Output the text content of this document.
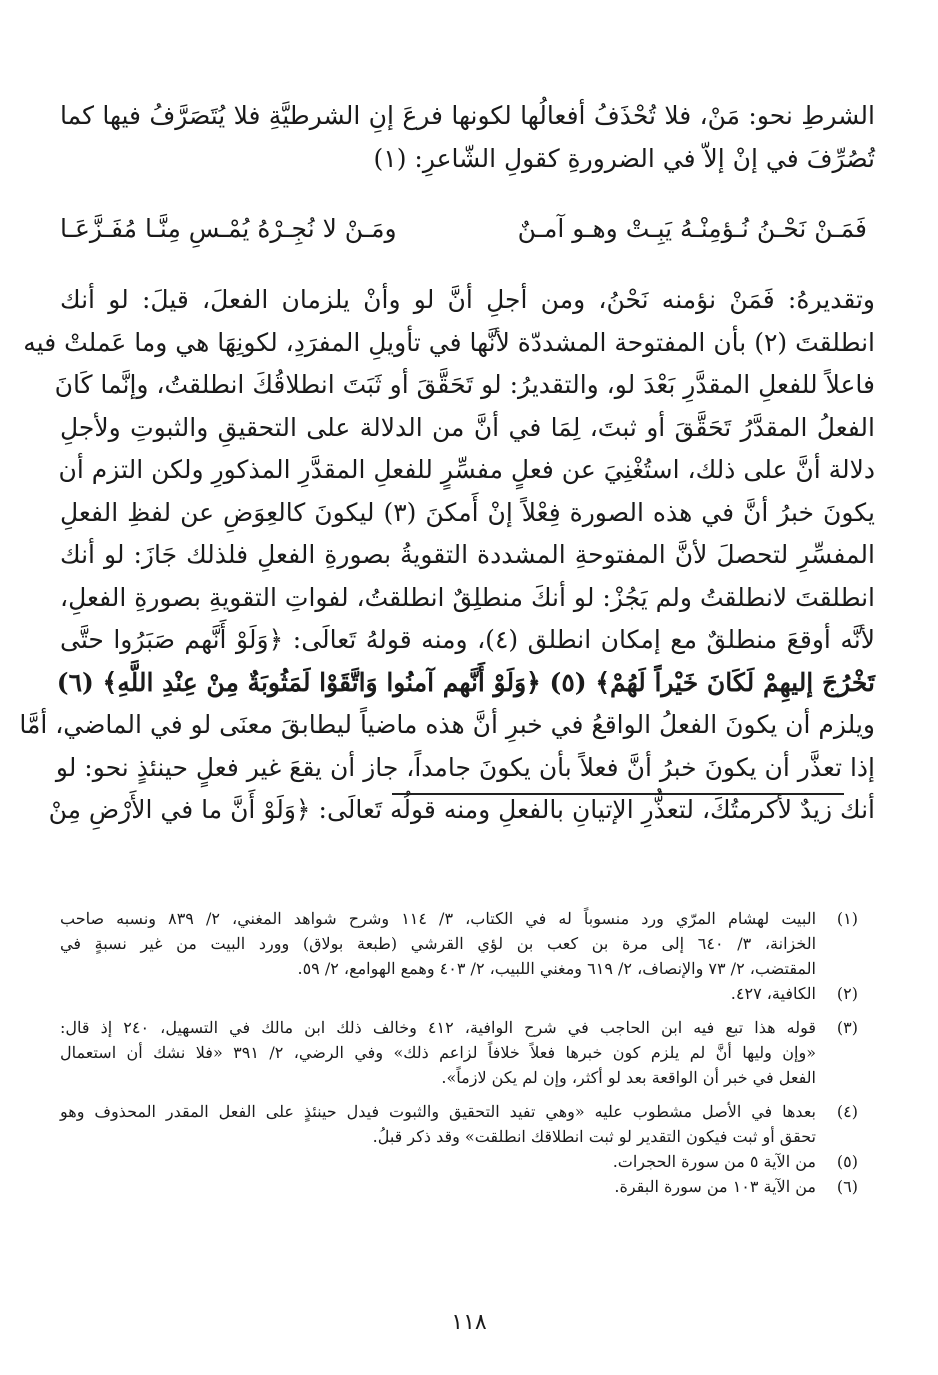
الشرطِ نحو: مَنْ، فلا تُحْذَفُ أفعالُها لكونها فرعَ إنِ الشرطيَّةِ فلا يُتَصَرَّفُ فيها كما
تُصُرِّفَ في إنْ إلاّ في الضرورةِ كقولِ الشّاعرِ: (١)
فَمَـنْ نَحْـنُ نُـؤمِنْـهُ يَبِـتْ وهـو آمـنٌ
ومَـنْ لا نُجِـرْهُ يُمْـسِ مِنَّـا مُفَـزَّعَـا
وتقديرهُ: فَمَنْ نؤمنه نَحْنُ، ومن أجلِ أنَّ لو وأنْ يلزمان الفعلَ، قيلَ: لو أنك
انطلقتَ (٢) بأن المفتوحة المشددّة لأنَّها في تأويلِ المفرَدِ، لكونِهَا هي وما عَملتْ فيه
فاعلاً للفعلِ المقدَّرِ بَعْدَ لو، والتقديرُ: لو تَحَقَّقَ أو ثَبَتَ انطلاقُكَ انطلقتُ، وإنَّما كَانَ
الفعلُ المقدَّرُ تَحَقَّقَ أو ثبتَ، لِمَا في أنَّ من الدلالة على التحقيقِ والثبوتِ ولأجلِ
دلالة أنَّ على ذلك، استُغْنِيَ عن فعلٍ مفسِّرٍ للفعلِ المقدَّرِ المذكورِ ولكن التزم أن
يكونَ خبرُ أنَّ في هذه الصورة فِعْلاً إنْ أَمكنَ (٣) ليكونَ كالعِوَضِ عن لفظِ الفعلِ
المفسِّرِ لتحصلَ لأنَّ المفتوحةِ المشددة التقويةُ بصورةِ الفعلِ فلذلك جَازَ: لو أنك
انطلقتَ لانطلقتُ ولم يَجُزْ: لو أنكَ منطلِقٌ انطلقتُ، لفواتِ التقويةِ بصورةِ الفعلِ،
لأنَّه أوقعَ منطلقٌ مع إمكان انطلق (٤)، ومنه قولهُ تَعالَى: ﴿وَلَوْ أَنَّهم صَبَرُوا حتَّى
تَخْرُجَ إليهِمْ لَكَانَ خَيْراً لَهُمْ﴾ (٥) ﴿وَلَوْ أَنَّهم آمنُوا وَاتَّقَوْا لَمَثُوبَةٌ مِنْ عِنْدِ اللَّهِ﴾ (٦)
ويلزم أن يكونَ الفعلُ الواقعُ في خبرِ أنَّ هذه ماضياً ليطابقَ معنَى لو في الماضي، أمَّا
إذا تعذَّر أن يكونَ خبرُ أنَّ فعلاً بأن يكونَ جامداً، جاز أن يقعَ غير فعلٍ حينئذٍ نحو: لو
أنك زيدٌ لأكرمتُكَ، لتعذُّرِ الإتيانِ بالفعلِ ومنه قولُه تَعالَى: ﴿وَلَوْ أَنَّ ما في الأَرْضِ مِنْ
(١)
البيت لهشام المرّي ورد منسوباً له في الكتاب، ٣/ ١١٤ وشرح شواهد المغني، ٢/ ٨٣٩ ونسبه صاحب
الخزانة، ٣/ ٦٤٠ إلى مرة بن كعب بن لؤي القرشي (طبعة بولاق) وورد البيت من غير نسبةٍ في
المقتضب، ٢/ ٧٣ والإنصاف، ٢/ ٦١٩ ومغني اللبيب، ٢/ ٤٠٣ وهمع الهوامع، ٢/ ٥٩.
(٢)
الكافية، ٤٢٧.
(٣)
قوله هذا تبع فيه ابن الحاجب في شرح الوافية، ٤١٢ وخالف ذلك ابن مالك في التسهيل، ٢٤٠ إذ قال:
«وإن وليها أنَّ لم يلزم كون خبرها فعلاً خلافاً لزاعم ذلك» وفي الرضي، ٢/ ٣٩١ «فلا نشك أن استعمال
الفعل في خبر أن الواقعة بعد لو أكثر، وإن لم يكن لازماً».
(٤)
بعدها في الأصل مشطوب عليه «وهي تفيد التحقيق والثبوت فيدل حينئذٍ على الفعل المقدر المحذوف وهو
تحقق أو ثبت فيكون التقدير لو ثبت انطلاقك انطلقت» وقد ذكر قبلُ.
(٥)
من الآية ٥ من سورة الحجرات.
(٦)
من الآية ١٠٣ من سورة البقرة.
١١٨
